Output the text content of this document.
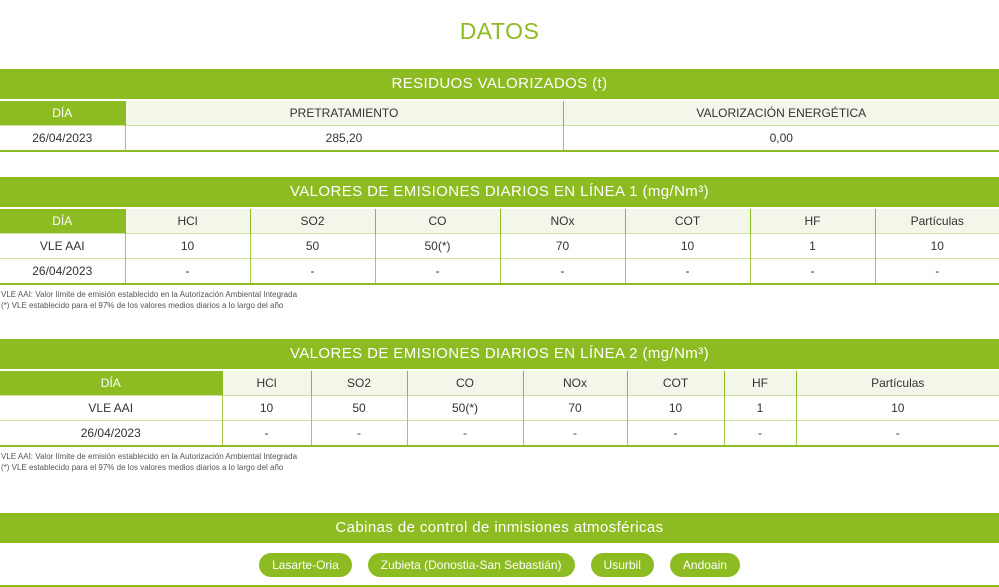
DATOS
RESIDUOS VALORIZADOS (t)
DÍA	PRETRATAMIENTO	VALORIZACIÓN ENERGÉTICA
26/04/2023	285,20	0,00
VALORES DE EMISIONES DIARIOS EN LÍNEA 1 (mg/Nm³)
DÍA	HCl	SO2	CO	NOx	COT	HF	Partículas
VLE AAI	10	50	50(*)	70	10	1	10
26/04/2023	-	-	-	-	-	-	-
VLE AAI: Valor límite de emisión establecido en la Autorización Ambiental Integrada
(*) VLE establecido para el 97% de los valores medios diarios a lo largo del año
VALORES DE EMISIONES DIARIOS EN LÍNEA 2 (mg/Nm³)
DÍA	HCl	SO2	CO	NOx	COT	HF	Partículas
VLE AAI	10	50	50(*)	70	10	1	10
26/04/2023	-	-	-	-	-	-	-
VLE AAI: Valor límite de emisión establecido en la Autorización Ambiental Integrada
(*) VLE establecido para el 97% de los valores medios diarios a lo largo del año
Cabinas de control de inmisiones atmosféricas
Lasarte-Oria	Zubieta (Donostia-San Sebastián)	Usurbil	Andoain
